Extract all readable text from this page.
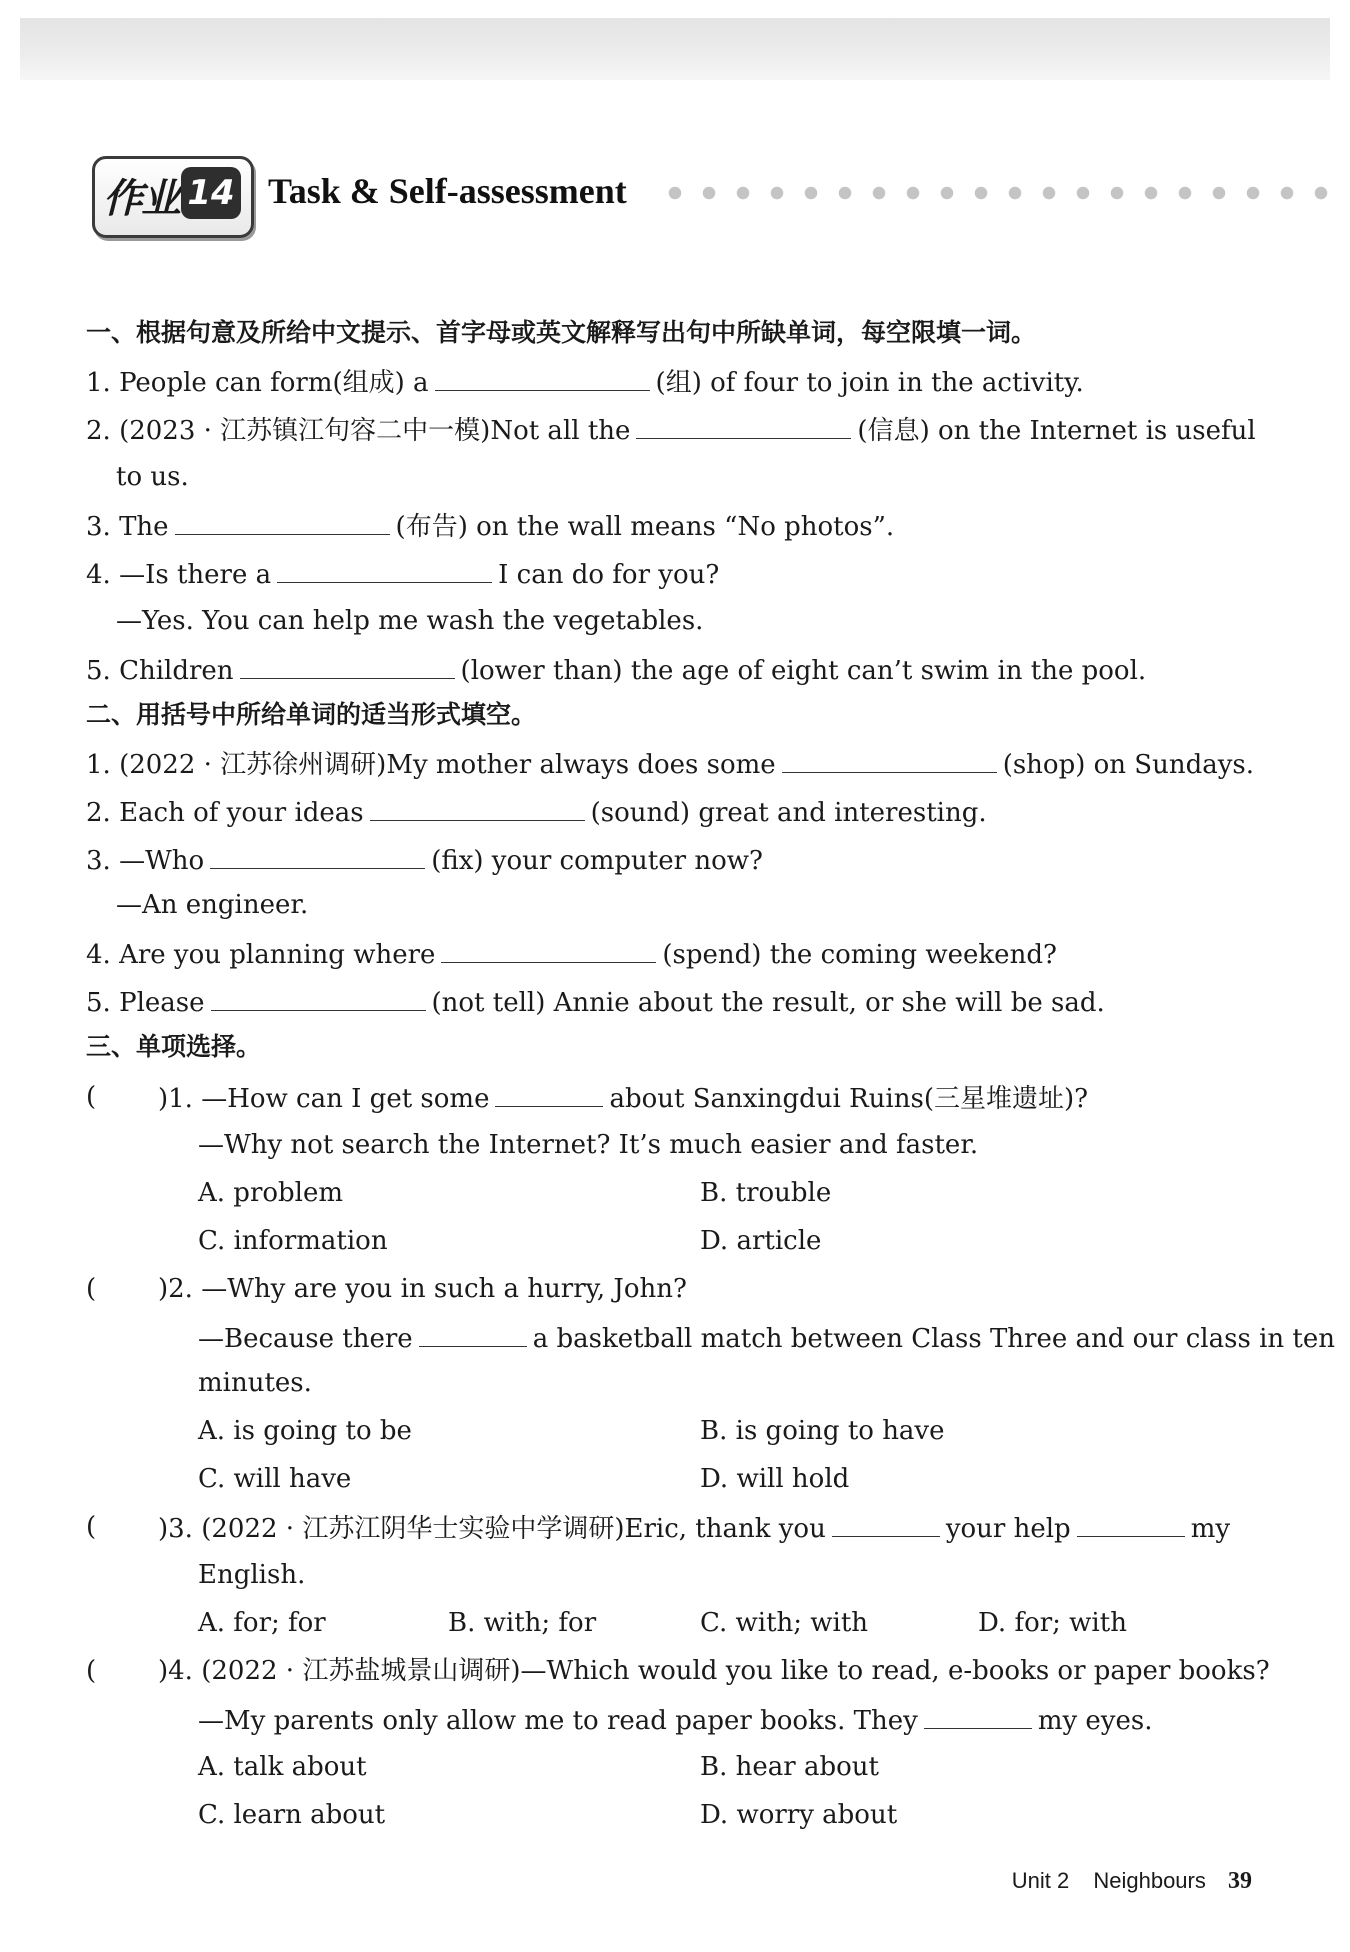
作业 14 Task & Self-assessment
一、根据句意及所给中文提示、首字母或英文解释写出句中所缺单词，每空限填一词。
1. People can form(组成) a	(组) of four to join in the activity.
2. (2023 · 江苏镇江句容二中一模)Not all the	(信息) on the Internet is useful
to us.
3. The	(布告) on the wall means “No photos”.
4. —Is there a	I can do for you?
—Yes. You can help me wash the vegetables.
5. Children	(lower than) the age of eight can’t swim in the pool.
二、用括号中所给单词的适当形式填空。
1. (2022 · 江苏徐州调研)My mother always does some	(shop) on Sundays.
2. Each of your ideas	(sound) great and interesting.
3. —Who	(fix) your computer now?
—An engineer.
4. Are you planning where	(spend) the coming weekend?
5. Please	(not tell) Annie about the result, or she will be sad.
三、单项选择。
( )1. —How can I get some	about Sanxingdui Ruins(三星堆遗址)?
—Why not search the Internet? It’s much easier and faster.
A. problem	B. trouble
C. information	D. article
( )2. —Why are you in such a hurry, John?
—Because there	a basketball match between Class Three and our class in ten
minutes.
A. is going to be	B. is going to have
C. will have	D. will hold
( )3. (2022 · 江苏江阴华士实验中学调研)Eric, thank you	your help	my
English.
A. for; for	B. with; for	C. with; with	D. for; with
( )4. (2022 · 江苏盐城景山调研)—Which would you like to read, e-books or paper books?
—My parents only allow me to read paper books. They	my eyes.
A. talk about	B. hear about
C. learn about	D. worry about
Unit 2 Neighbours 39
